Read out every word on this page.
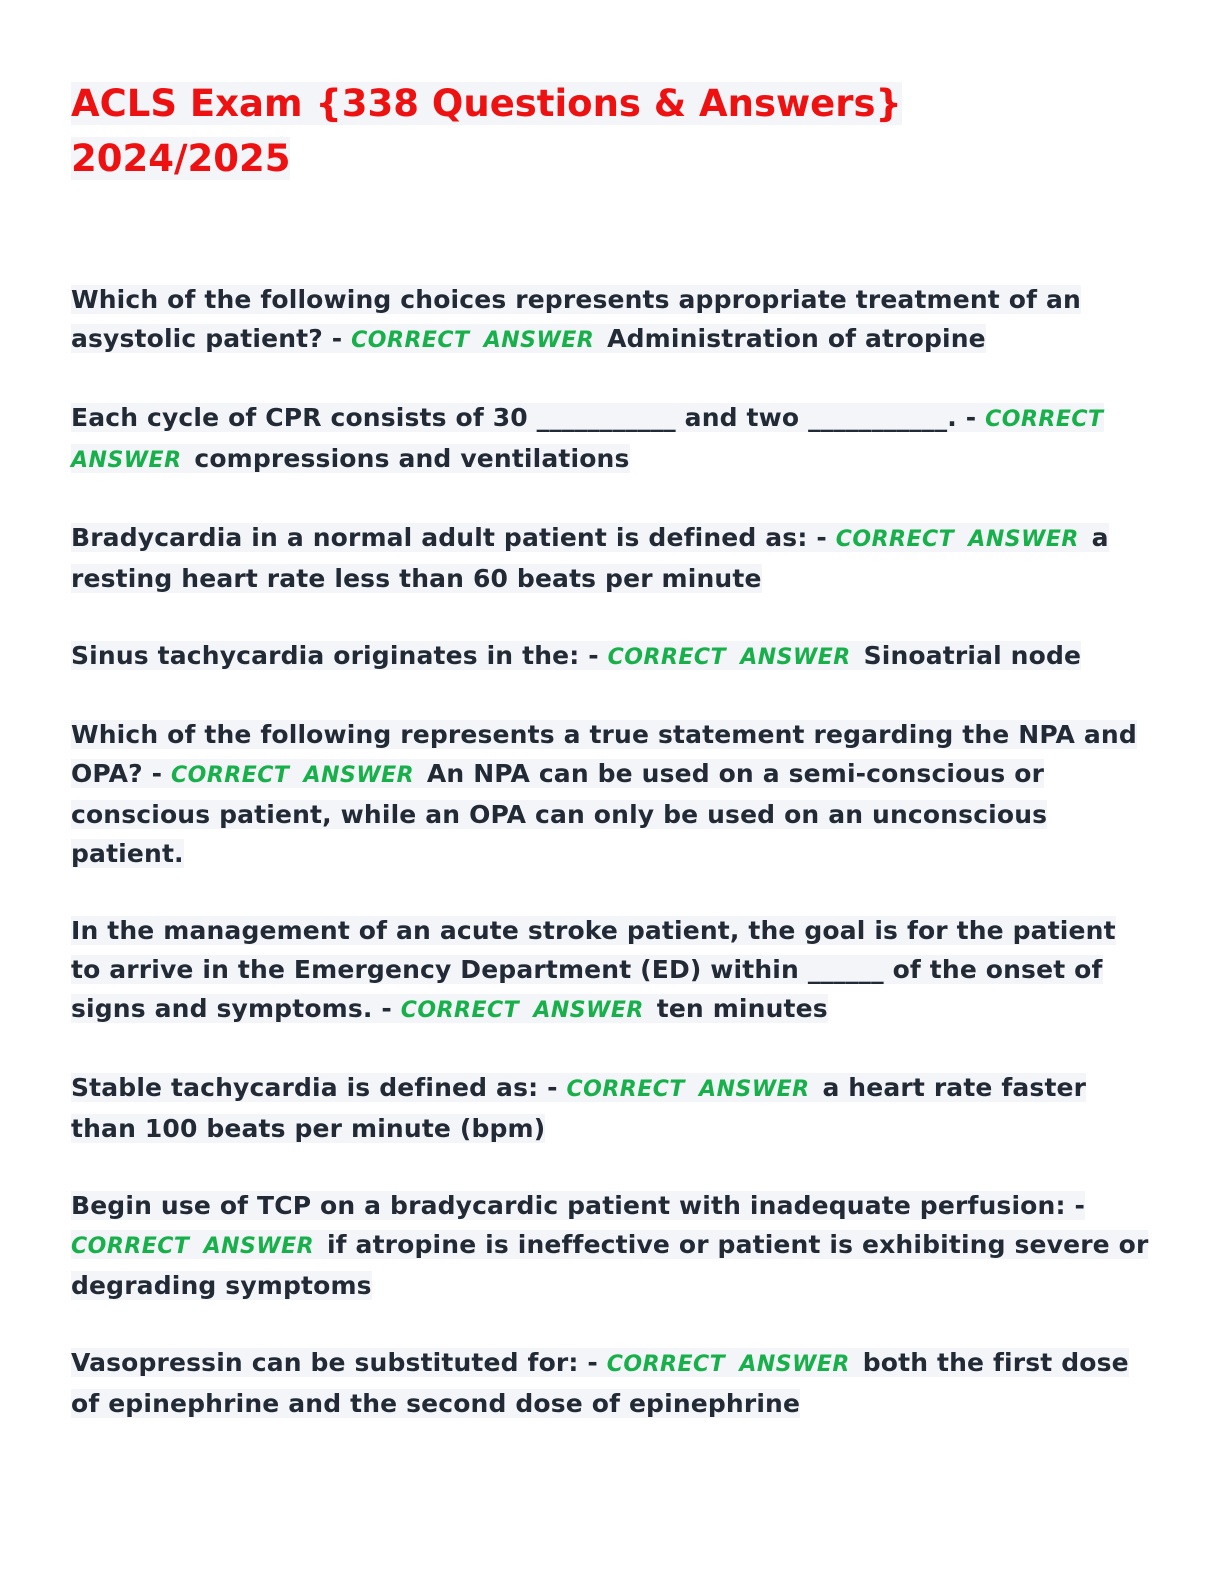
ACLS Exam {338 Questions & Answers} 2024/2025

Which of the following choices represents appropriate treatment of an asystolic patient? - CORRECT ANSWER Administration of atropine

Each cycle of CPR consists of 30 ___________ and two ___________. - CORRECT ANSWER compressions and ventilations

Bradycardia in a normal adult patient is defined as: - CORRECT ANSWER a resting heart rate less than 60 beats per minute

Sinus tachycardia originates in the: - CORRECT ANSWER Sinoatrial node

Which of the following represents a true statement regarding the NPA and OPA? - CORRECT ANSWER An NPA can be used on a semi-conscious or conscious patient, while an OPA can only be used on an unconscious patient.

In the management of an acute stroke patient, the goal is for the patient to arrive in the Emergency Department (ED) within ______ of the onset of signs and symptoms. - CORRECT ANSWER ten minutes

Stable tachycardia is defined as: - CORRECT ANSWER a heart rate faster than 100 beats per minute (bpm)

Begin use of TCP on a bradycardic patient with inadequate perfusion: - CORRECT ANSWER if atropine is ineffective or patient is exhibiting severe or degrading symptoms

Vasopressin can be substituted for: - CORRECT ANSWER both the first dose of epinephrine and the second dose of epinephrine
